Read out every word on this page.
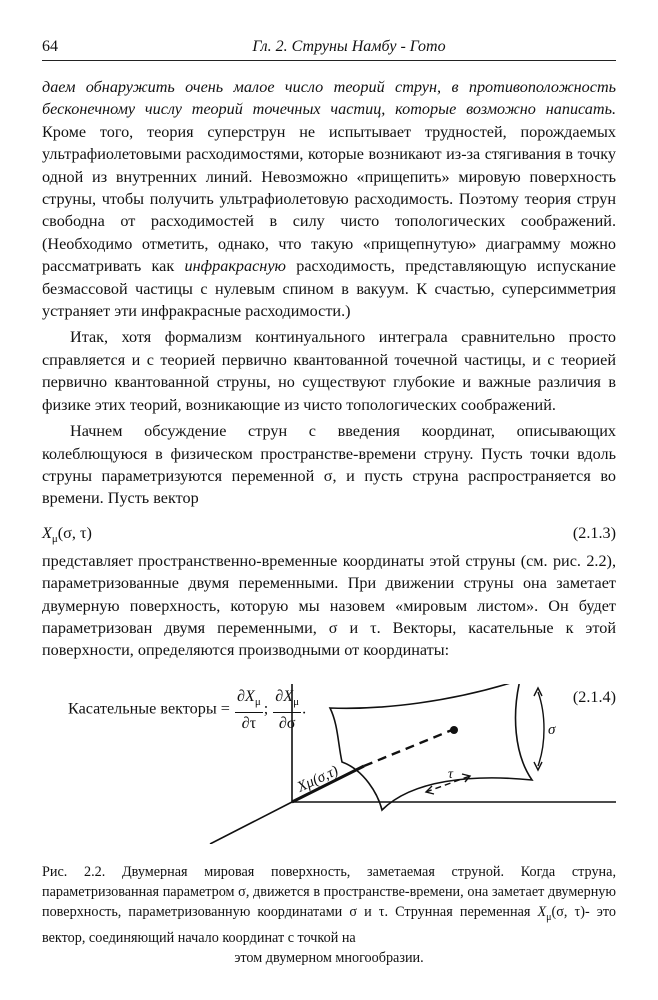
64	Гл. 2. Струны Намбу - Гото

даем обнаружить очень малое число теорий струн, в противоположность бесконечному числу теорий точечных частиц, которые возможно написать. Кроме того, теория суперструн не испытывает трудностей, порождаемых ультрафиолетовыми расходимостями, которые возникают из-за стягивания в точку одной из внутренних линий. Невозможно «прищепить» мировую поверхность струны, чтобы получить ультрафиолетовую расходимость. Поэтому теория струн свободна от расходимостей в силу чисто топологических соображений. (Необходимо отметить, однако, что такую «прищепнутую» диаграмму можно рассматривать как инфракрасную расходимость, представляющую испускание безмассовой частицы с нулевым спином в вакуум. К счастью, суперсимметрия устраняет эти инфракрасные расходимости.)

Итак, хотя формализм континуального интеграла сравнительно просто справляется и с теорией первично квантованной точечной частицы, и с теорией первично квантованной струны, но существуют глубокие и важные различия в физике этих теорий, возникающие из чисто топологических соображений.

Начнем обсуждение струн с введения координат, описывающих колеблющуюся в физическом пространстве-времени струну. Пусть точки вдоль струны параметризуются переменной σ, и пусть струна распространяется во времени. Пусть вектор

$X_\mu(\sigma$, τ)	(2.1.3)

представляет пространственно-временные координаты этой струны (см. рис. 2.2), параметризованные двумя переменными. При движении струны она заметает двумерную поверхность, которую мы назовем «мировым листом». Он будет параметризован двумя переменными, σ и τ. Векторы, касательные к этой поверхности, определяются производными от координаты:

Касательные векторы = $\frac{\partial X_\mu}{\partial\tau}$ ; $\frac{\partial X_\mu}{\partial\sigma}$ .
(2.1.4)
Xμ(σ,τ)
σ
τ
Рис. 2.2. Двумерная мировая поверхность, заметаемая струной. Когда струна, параметризованная параметром σ, движется в пространстве-времени, она заметает двумерную поверхность, параметризованную координатами σ и τ. Струнная переменная $X_\mu(\sigma$, τ)- это вектор, соединяющий начало координат с точкой на
этом двумерном многообразии.
